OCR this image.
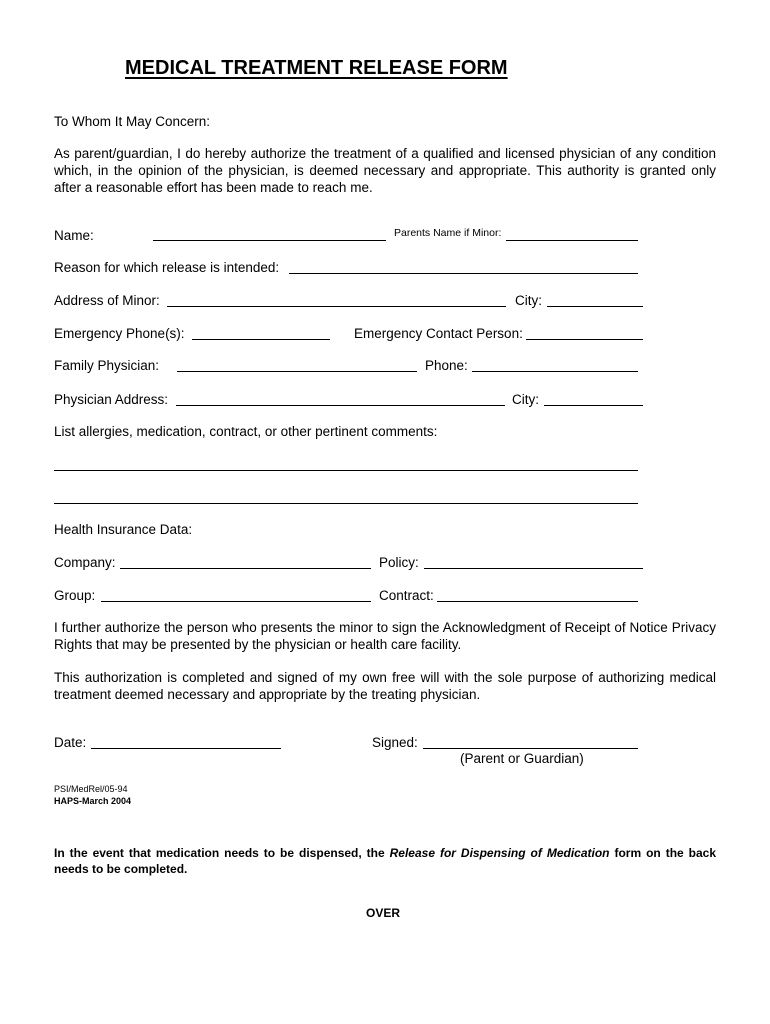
MEDICAL TREATMENT RELEASE FORM
To Whom It May Concern:
As parent/guardian, I do hereby authorize the treatment of a qualified and licensed physician of any condition which, in the opinion of the physician, is deemed necessary and appropriate. This authority is granted only after a reasonable effort has been made to reach me.
Name:	Parents Name if Minor:
Reason for which release is intended:
Address of Minor:	City:
Emergency Phone(s):	Emergency Contact Person:
Family Physician:	Phone:
Physician Address:	City:
List allergies, medication, contract, or other pertinent comments:
Health Insurance Data:
Company:	Policy:
Group:	Contract:
I further authorize the person who presents the minor to sign the Acknowledgment of Receipt of Notice Privacy Rights that may be presented by the physician or health care facility.
This authorization is completed and signed of my own free will with the sole purpose of authorizing medical treatment deemed necessary and appropriate by the treating physician.
Date:	Signed:
(Parent or Guardian)
PSI/MedRel/05-94
HAPS-March 2004
In the event that medication needs to be dispensed, the Release for Dispensing of Medication form on the back needs to be completed.
OVER
